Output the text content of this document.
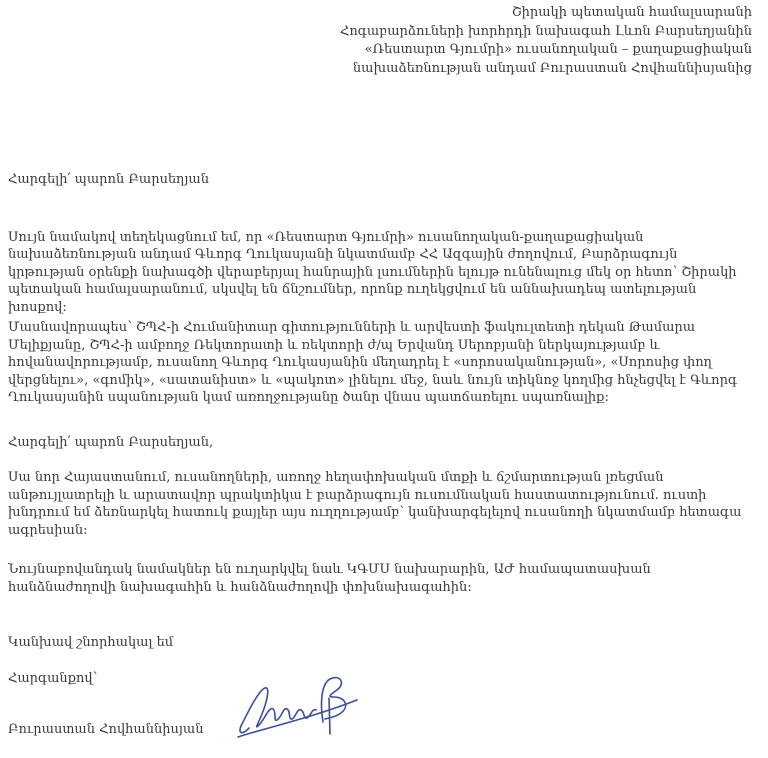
Շիրակի պետական համալսարանի
Հոգաբարձուների խորհրդի նախագահ Լևոն Բարսեղյանին
«Ռեստարտ Գյումրի» ուսանողական – քաղաքացիական
նախաձեռնության անդամ Բուրաստան Հովհաննիսյանից

Հարգելի՛ պարոն Բարսեղյան

Սույն նամակով տեղեկացնում եմ, որ «Ռեստարտ Գյումրի» ուսանողական-քաղաքացիական նախաձեռնության անդամ Գևորգ Ղուկասյանի նկատմամբ ՀՀ Ազգային ժողովում, Բարձրագույն կրթության օրենքի նախագծի վերաբերյալ հանրային լսումներին ելույթ ունենալուց մեկ օր հետո՝ Շիրակի պետական համալսարանում, սկսվել են ճնշումներ, որոնք ուղեկցվում են աննախադեպ ատելության խոսքով:

Մասնավորապես՝ ՇՊՀ-ի Հումանիտար գիտությունների և արվեստի ֆակուլտետի դեկան Թամարա Մելիքյանը, ՇՊՀ-ի ամբողջ Ռեկտորատի և ռեկտորի ժ/պ Երվանդ Սերոբյանի ներկայությամբ և հովանավորությամբ, ուսանող Գևորգ Ղուկասյանին մեղադրել է «սորոսականության», «Սորոսից փող վերցնելու», «գոմիկ», «սատանիստ» և «պակոտ» լինելու մեջ, նաև նույն տիկնոջ կողմից հնչեցվել է Գևորգ Ղուկասյանին սպանության կամ առողջությանը ծանր վնաս պատճառելու սպառնալիք:

Հարգելի՛ պարոն Բարսեղյան,

Սա նոր Հայաստանում, ուսանողների, առողջ հեղափոխական մտքի և ճշմարտության լռեցման անթույլատրելի և արատավոր պրակտիկա է բարձրագույն ուսումնական հաստատությունում. ուստի խնդրում եմ ձեռնարկել հատուկ քայլեր այս ուղղությամբ՝ կանխարգելելով ուսանողի նկատմամբ հետագա ագրեսիան:

Նույնաբովանդակ նամակներ են ուղարկվել նաև ԿԳՄՍ նախարարին, ԱԺ համապատասխան հանձնաժողովի նախագահին և հանձնաժողովի փոխնախագահին:

Կանխավ շնորհակալ եմ

Հարգանքով՝

Բուրաստան Հովհաննիսյան
